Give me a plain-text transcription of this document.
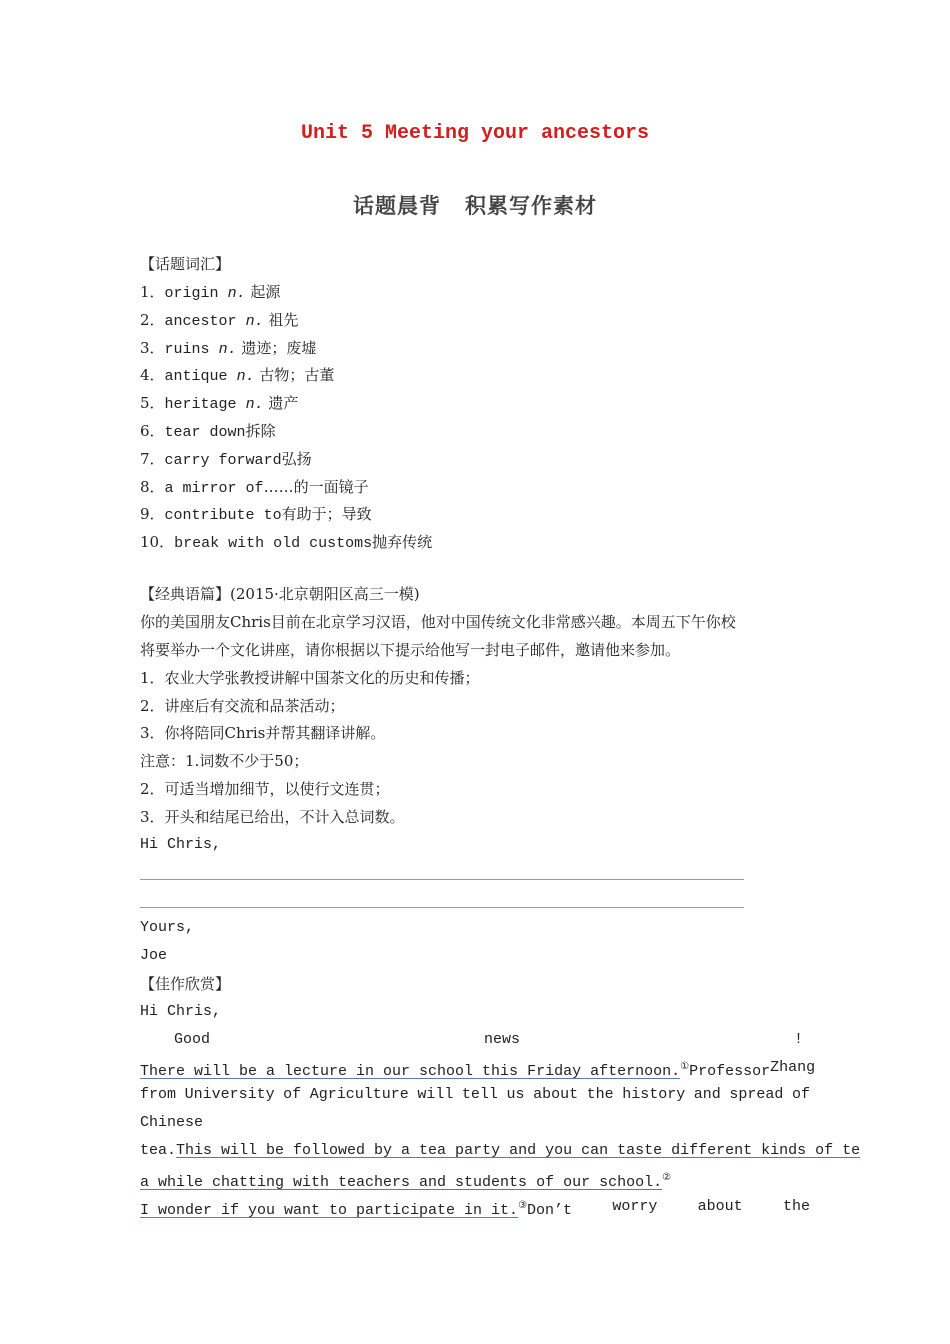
Unit 5 Meeting your ancestors
话题晨背 积累写作素材
【话题词汇】
1．origin n. 起源
2．ancestor n. 祖先
3．ruins n. 遗迹；废墟
4．antique n. 古物；古董
5．heritage n. 遗产
6．tear down拆除
7．carry forward弘扬
8．a mirror of……的一面镜子
9．contribute to有助于；导致
10．break with old customs抛弃传统
【经典语篇】(2015·北京朝阳区高三一模)
你的美国朋友Chris目前在北京学习汉语，他对中国传统文化非常感兴趣。本周五下午你校
将要举办一个文化讲座，请你根据以下提示给他写一封电子邮件，邀请他来参加。
1．农业大学张教授讲解中国茶文化的历史和传播；
2．讲座后有交流和品茶活动；
3．你将陪同Chris并帮其翻译讲解。
注意：1.词数不少于50；
2．可适当增加细节，以使行文连贯；
3．开头和结尾已给出，不计入总词数。
Hi Chris,
Yours,
Joe
【佳作欣赏】
Hi Chris,
Good	news	!
There will be a lecture in our school this Friday afternoon.①Professor Zhang
from University of Agriculture will tell us about the history and spread of
Chinese
tea.This will be followed by a tea party and you can taste different kinds of te
a while chatting with teachers and students of our school.②
I wonder if you want to participate in it.③Don’t	worry	about	the
